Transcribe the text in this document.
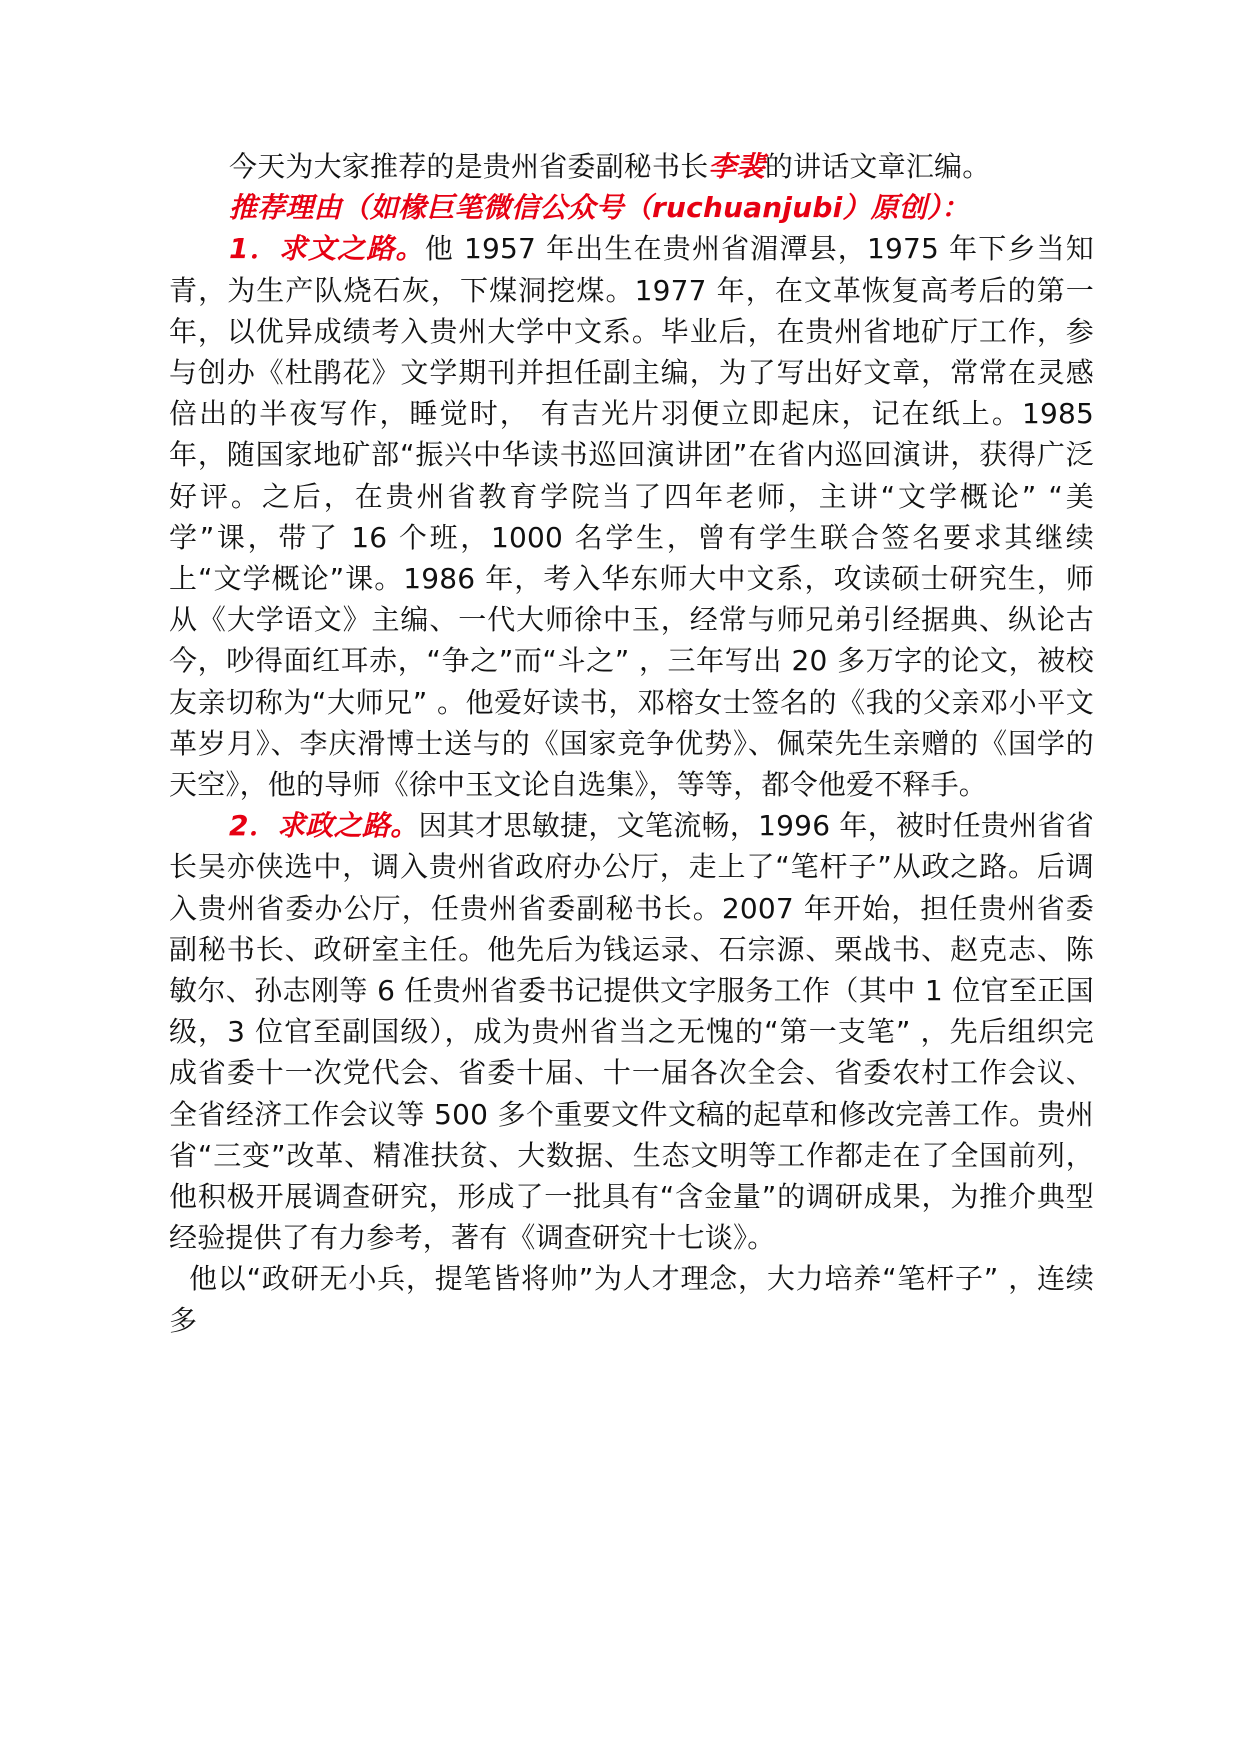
今天为大家推荐的是贵州省委副秘书长李裴的讲话文章汇编。

推荐理由（如椽巨笔微信公众号（ruchuanjubi）原创）：

1．求文之路。他 1957 年出生在贵州省湄潭县，1975 年下乡当知青，为生产队烧石灰，下煤洞挖煤。1977 年，在文革恢复高考后的第一年，以优异成绩考入贵州大学中文系。毕业后，在贵州省地矿厅工作，参与创办《杜鹃花》文学期刊并担任副主编，为了写出好文章，常常在灵感倍出的半夜写作，睡觉时， 有吉光片羽便立即起床，记在纸上。1985 年，随国家地矿部“振兴中华读书巡回演讲团”在省内巡回演讲，获得广泛好评。之后，在贵州省教育学院当了四年老师，主讲“文学概论” “美学”课，带了 16 个班，1000 名学生，曾有学生联合签名要求其继续上“文学概论”课。1986 年，考入华东师大中文系，攻读硕士研究生，师从《大学语文》主编、一代大师徐中玉，经常与师兄弟引经据典、纵论古今，吵得面红耳赤，“争之”而“斗之” ，三年写出 20 多万字的论文，被校友亲切称为“大师兄” 。他爱好读书，邓榕女士签名的《我的父亲邓小平文革岁月》、李庆滑博士送与的《国家竞争优势》、佩荣先生亲赠的《国学的天空》，他的导师《徐中玉文论自选集》，等等，都令他爱不释手。

2．求政之路。因其才思敏捷，文笔流畅，1996 年，被时任贵州省省长吴亦侠选中，调入贵州省政府办公厅，走上了“笔杆子”从政之路。后调入贵州省委办公厅，任贵州省委副秘书长。2007 年开始，担任贵州省委副秘书长、政研室主任。他先后为钱运录、石宗源、栗战书、赵克志、陈敏尔、孙志刚等 6 任贵州省委书记提供文字服务工作（其中 1 位官至正国级，3 位官至副国级），成为贵州省当之无愧的“第一支笔” ，先后组织完成省委十一次党代会、省委十届、十一届各次全会、省委农村工作会议、全省经济工作会议等 500 多个重要文件文稿的起草和修改完善工作。贵州省“三变”改革、精准扶贫、大数据、生态文明等工作都走在了全国前列，他积极开展调查研究，形成了一批具有“含金量”的调研成果，为推介典型经验提供了有力参考，著有《调查研究十七谈》。

他以“政研无小兵，提笔皆将帅”为人才理念，大力培养“笔杆子” ，连续多
